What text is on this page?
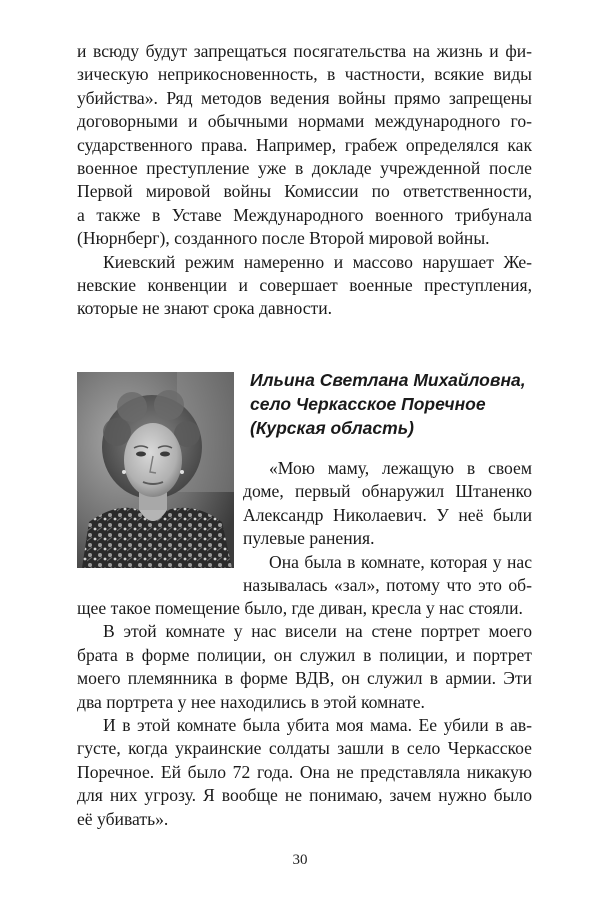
и всюду будут запрещаться посягательства на жизнь и фи-
зическую неприкосновенность, в частности, всякие виды
убийства». Ряд методов ведения войны прямо запрещены
договорными и обычными нормами международного го-
сударственного права. Например, грабеж определялся как
военное преступление уже в докладе учрежденной после
Первой мировой войны Комиссии по ответственности,
а также в Уставе Международного военного трибунала
(Нюрнберг), созданного после Второй мировой войны.
Киевский режим намеренно и массово нарушает Же-
невские конвенции и совершает военные преступления,
которые не знают срока давности.
Ильина Светлана Михайловна,
село Черкасское Поречное
(Курская область)
«Мою маму, лежащую в своем
доме, первый обнаружил Штаненко
Александр Николаевич. У неё были
пулевые ранения.
Она была в комнате, которая у нас
называлась «зал», потому что это об-
щее такое помещение было, где диван, кресла у нас стояли.
В этой комнате у нас висели на стене портрет моего
брата в форме полиции, он служил в полиции, и портрет
моего племянника в форме ВДВ, он служил в армии. Эти
два портрета у нее находились в этой комнате.
И в этой комнате была убита моя мама. Ее убили в ав-
густе, когда украинские солдаты зашли в село Черкасское
Поречное. Ей было 72 года. Она не представляла никакую
для них угрозу. Я вообще не понимаю, зачем нужно было
её убивать».
30
